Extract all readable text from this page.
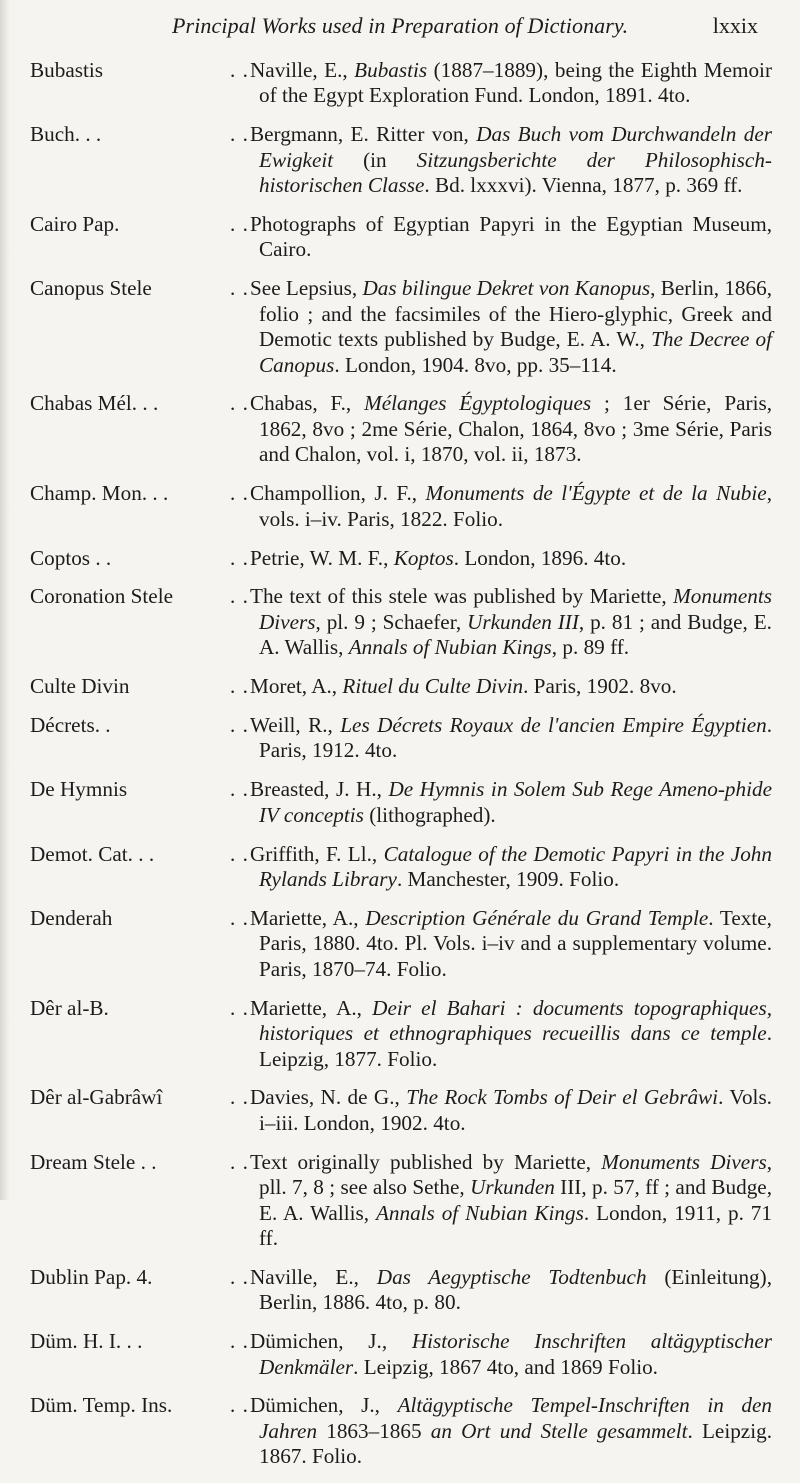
Principal Works used in Preparation of Dictionary.	lxxix
Bubastis	. . Naville, E., Bubastis (1887–1889), being the Eighth Memoir of the Egypt Exploration Fund. London, 1891. 4to.
Buch. . .	. . Bergmann, E. Ritter von, Das Buch vom Durchwandeln der Ewigkeit (in Sitzungsberichte der Philosophisch-historischen Classe. Bd. lxxxvi). Vienna, 1877, p. 369 ff.
Cairo Pap.	. . Photographs of Egyptian Papyri in the Egyptian Museum, Cairo.
Canopus Stele	. . See Lepsius, Das bilingue Dekret von Kanopus, Berlin, 1866, folio ; and the facsimiles of the Hiero-glyphic, Greek and Demotic texts published by Budge, E. A. W., The Decree of Canopus. London, 1904. 8vo, pp. 35–114.
Chabas Mél. . .	. . Chabas, F., Mélanges Égyptologiques ; 1er Série, Paris, 1862, 8vo ; 2me Série, Chalon, 1864, 8vo ; 3me Série, Paris and Chalon, vol. i, 1870, vol. ii, 1873.
Champ. Mon. . .	. . Champollion, J. F., Monuments de l'Égypte et de la Nubie, vols. i–iv. Paris, 1822. Folio.
Coptos . .	. . Petrie, W. M. F., Koptos. London, 1896. 4to.
Coronation Stele	. . The text of this stele was published by Mariette, Monuments Divers, pl. 9 ; Schaefer, Urkunden III, p. 81 ; and Budge, E. A. Wallis, Annals of Nubian Kings, p. 89 ff.
Culte Divin	. . Moret, A., Rituel du Culte Divin. Paris, 1902. 8vo.
Décrets. .	. . Weill, R., Les Décrets Royaux de l'ancien Empire Égyptien. Paris, 1912. 4to.
De Hymnis	. . Breasted, J. H., De Hymnis in Solem Sub Rege Ameno-phide IV conceptis (lithographed).
Demot. Cat. . .	. . Griffith, F. Ll., Catalogue of the Demotic Papyri in the John Rylands Library. Manchester, 1909. Folio.
Denderah	. . Mariette, A., Description Générale du Grand Temple. Texte, Paris, 1880. 4to. Pl. Vols. i–iv and a supplementary volume. Paris, 1870–74. Folio.
Dêr al-B.	. . Mariette, A., Deir el Bahari : documents topographiques, historiques et ethnographiques recueillis dans ce temple. Leipzig, 1877. Folio.
Dêr al-Gabrâwî	. . Davies, N. de G., The Rock Tombs of Deir el Gebrâwi. Vols. i–iii. London, 1902. 4to.
Dream Stele . .	. . Text originally published by Mariette, Monuments Divers, pll. 7, 8 ; see also Sethe, Urkunden III, p. 57, ff ; and Budge, E. A. Wallis, Annals of Nubian Kings. London, 1911, p. 71 ff.
Dublin Pap. 4.	. . Naville, E., Das Aegyptische Todtenbuch (Einleitung), Berlin, 1886. 4to, p. 80.
Düm. H. I. . .	. . Dümichen, J., Historische Inschriften altägyptischer Denkmäler. Leipzig, 1867 4to, and 1869 Folio.
Düm. Temp. Ins.	. . Dümichen, J., Altägyptische Tempel-Inschriften in den Jahren 1863–1865 an Ort und Stelle gesammelt. Leipzig. 1867. Folio.
